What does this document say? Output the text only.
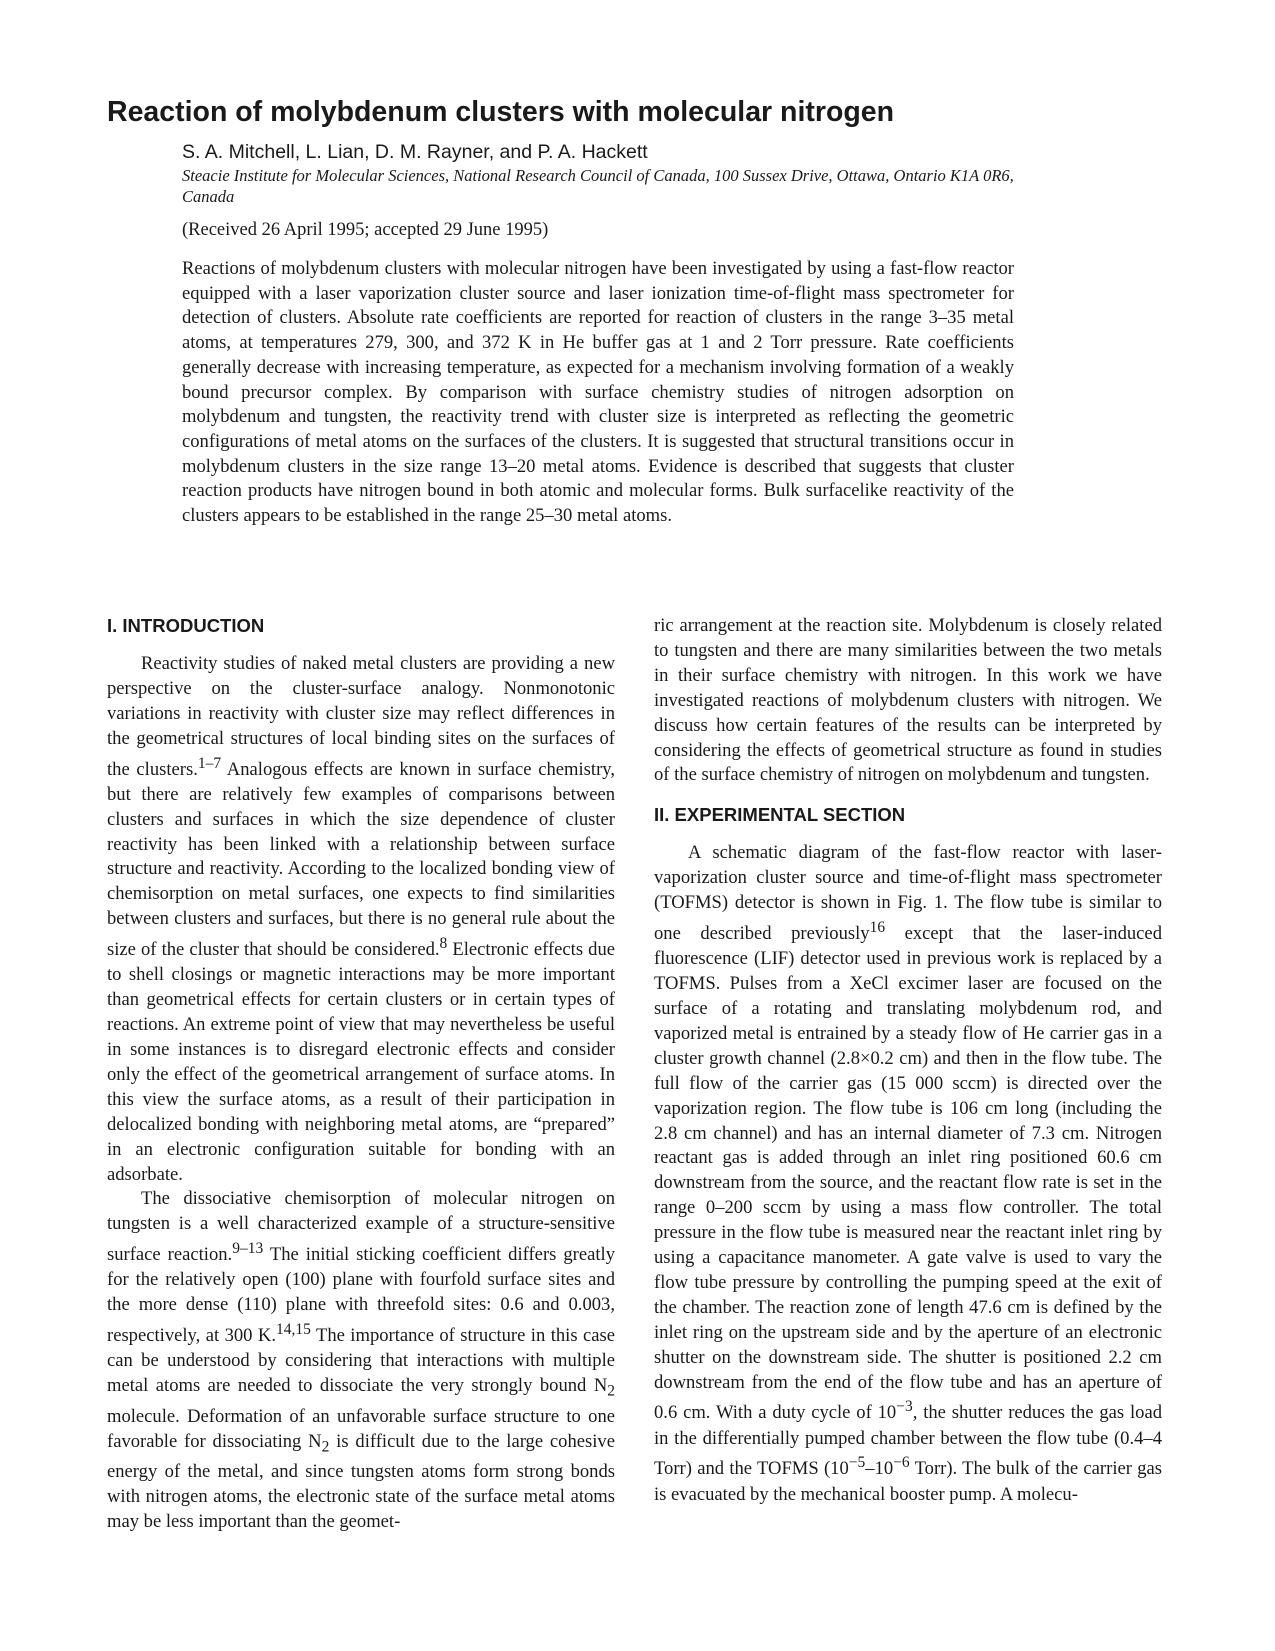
Reaction of molybdenum clusters with molecular nitrogen
S. A. Mitchell, L. Lian, D. M. Rayner, and P. A. Hackett
Steacie Institute for Molecular Sciences, National Research Council of Canada, 100 Sussex Drive, Ottawa, Ontario K1A 0R6, Canada
(Received 26 April 1995; accepted 29 June 1995)

Reactions of molybdenum clusters with molecular nitrogen have been investigated by using a fast-flow reactor equipped with a laser vaporization cluster source and laser ionization time-of-flight mass spectrometer for detection of clusters. Absolute rate coefficients are reported for reaction of clusters in the range 3–35 metal atoms, at temperatures 279, 300, and 372 K in He buffer gas at 1 and 2 Torr pressure. Rate coefficients generally decrease with increasing temperature, as expected for a mechanism involving formation of a weakly bound precursor complex. By comparison with surface chemistry studies of nitrogen adsorption on molybdenum and tungsten, the reactivity trend with cluster size is interpreted as reflecting the geometric configurations of metal atoms on the surfaces of the clusters. It is suggested that structural transitions occur in molybdenum clusters in the size range 13–20 metal atoms. Evidence is described that suggests that cluster reaction products have nitrogen bound in both atomic and molecular forms. Bulk surfacelike reactivity of the clusters appears to be established in the range 25–30 metal atoms.

I. INTRODUCTION

Reactivity studies of naked metal clusters are providing a new perspective on the cluster-surface analogy. Nonmonotonic variations in reactivity with cluster size may reflect differences in the geometrical structures of local binding sites on the surfaces of the clusters.$^{1-7}$ Analogous effects are known in surface chemistry, but there are relatively few examples of comparisons between clusters and surfaces in which the size dependence of cluster reactivity has been linked with a relationship between surface structure and reactivity. According to the localized bonding view of chemisorption on metal surfaces, one expects to find similarities between clusters and surfaces, but there is no general rule about the size of the cluster that should be considered.$^8$ Electronic effects due to shell closings or magnetic interactions may be more important than geometrical effects for certain clusters or in certain types of reactions. An extreme point of view that may nevertheless be useful in some instances is to disregard electronic effects and consider only the effect of the geometrical arrangement of surface atoms. In this view the surface atoms, as a result of their participation in delocalized bonding with neighboring metal atoms, are “prepared” in an electronic configuration suitable for bonding with an adsorbate.

The dissociative chemisorption of molecular nitrogen on tungsten is a well characterized example of a structure-sensitive surface reaction.$^{9-13}$ The initial sticking coefficient differs greatly for the relatively open (100) plane with fourfold surface sites and the more dense (110) plane with threefold sites: 0.6 and 0.003, respectively, at 300 K.$^{14,15}$ The importance of structure in this case can be understood by considering that interactions with multiple metal atoms are needed to dissociate the very strongly bound $N_2$ molecule. Deformation of an unfavorable surface structure to one favorable for dissociating $N_2$ is difficult due to the large cohesive energy of the metal, and since tungsten atoms form strong bonds with nitrogen atoms, the electronic state of the surface metal atoms may be less important than the geomet-

ric arrangement at the reaction site. Molybdenum is closely related to tungsten and there are many similarities between the two metals in their surface chemistry with nitrogen. In this work we have investigated reactions of molybdenum clusters with nitrogen. We discuss how certain features of the results can be interpreted by considering the effects of geometrical structure as found in studies of the surface chemistry of nitrogen on molybdenum and tungsten.

II. EXPERIMENTAL SECTION

A schematic diagram of the fast-flow reactor with laser-vaporization cluster source and time-of-flight mass spectrometer (TOFMS) detector is shown in Fig. 1. The flow tube is similar to one described previously$^{16}$ except that the laser-induced fluorescence (LIF) detector used in previous work is replaced by a TOFMS. Pulses from a XeCl excimer laser are focused on the surface of a rotating and translating molybdenum rod, and vaporized metal is entrained by a steady flow of He carrier gas in a cluster growth channel (2.8×0.2 cm) and then in the flow tube. The full flow of the carrier gas (15 000 sccm) is directed over the vaporization region. The flow tube is 106 cm long (including the 2.8 cm channel) and has an internal diameter of 7.3 cm. Nitrogen reactant gas is added through an inlet ring positioned 60.6 cm downstream from the source, and the reactant flow rate is set in the range 0–200 sccm by using a mass flow controller. The total pressure in the flow tube is measured near the reactant inlet ring by using a capacitance manometer. A gate valve is used to vary the flow tube pressure by controlling the pumping speed at the exit of the chamber. The reaction zone of length 47.6 cm is defined by the inlet ring on the upstream side and by the aperture of an electronic shutter on the downstream side. The shutter is positioned 2.2 cm downstream from the end of the flow tube and has an aperture of 0.6 cm. With a duty cycle of $10^{-3}$, the shutter reduces the gas load in the differentially pumped chamber between the flow tube (0.4–4 Torr) and the TOFMS ($10^{-5}-10^{-6}$ Torr). The bulk of the carrier gas is evacuated by the mechanical booster pump. A molecu-
